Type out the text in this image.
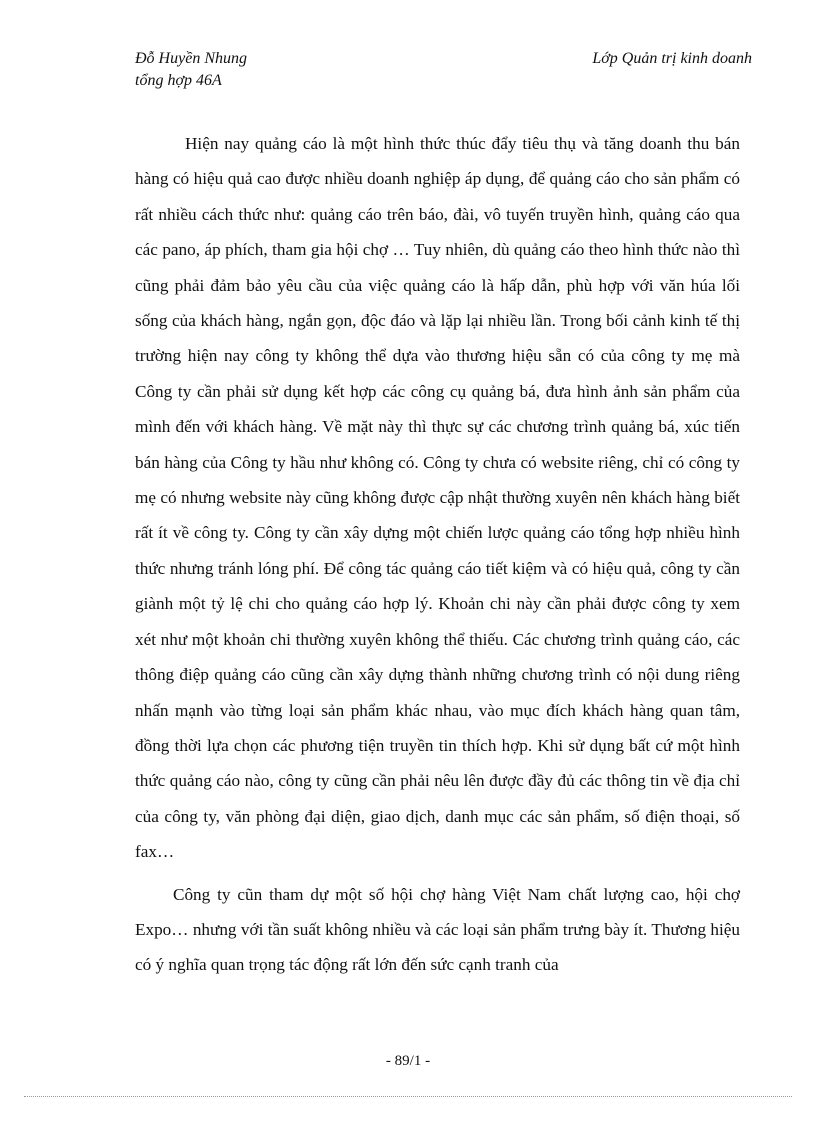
Đỗ Huyền Nhung
tổng hợp 46A
Lớp Quản trị kinh doanh

Hiện nay quảng cáo là một hình thức thúc đẩy tiêu thụ và tăng doanh thu bán hàng có hiệu quả cao được nhiều doanh nghiệp áp dụng, để quảng cáo cho sản phẩm có rất nhiều cách thức như: quảng cáo trên báo, đài, vô tuyến truyền hình, quảng cáo qua các pano, áp phích, tham gia hội chợ … Tuy nhiên, dù quảng cáo theo hình thức nào thì cũng phải đảm bảo yêu cầu của việc quảng cáo là hấp dẫn, phù hợp với văn húa lối sống của khách hàng, ngắn gọn, độc đáo và lặp lại nhiều lần. Trong bối cảnh kinh tế thị trường hiện nay công ty không thể dựa vào thương hiệu sẵn có của công ty mẹ mà Công ty cần phải sử dụng kết hợp các công cụ quảng bá, đưa hình ảnh sản phẩm của mình đến với khách hàng. Về mặt này thì thực sự các chương trình quảng bá, xúc tiến bán hàng của Công ty hầu như không có. Công ty chưa có website riêng, chỉ có công ty mẹ có nhưng website này cũng không được cập nhật thường xuyên nên khách hàng biết rất ít về công ty. Công ty cần xây dựng một chiến lược quảng cáo tổng hợp nhiều hình thức nhưng tránh lóng phí. Để công tác quảng cáo tiết kiệm và có hiệu quả, công ty cần giành một tỷ lệ chi cho quảng cáo hợp lý. Khoản chi này cần phải được công ty xem xét như một khoản chi thường xuyên không thể thiếu. Các chương trình quảng cáo, các thông điệp quảng cáo cũng cần xây dựng thành những chương trình có nội dung riêng nhấn mạnh vào từng loại sản phẩm khác nhau, vào mục đích khách hàng quan tâm, đồng thời lựa chọn các phương tiện truyền tin thích hợp. Khi sử dụng bất cứ một hình thức quảng cáo nào, công ty cũng cần phải nêu lên được đầy đủ các thông tin về địa chỉ của công ty, văn phòng đại diện, giao dịch, danh mục các sản phẩm, số điện thoại, số fax…

Công ty cũn tham dự một số hội chợ hàng Việt Nam chất lượng cao, hội chợ Expo… nhưng với tần suất không nhiều và các loại sản phẩm trưng bày ít. Thương hiệu có ý nghĩa quan trọng tác động rất lớn đến sức cạnh tranh của

- 89/1 -
